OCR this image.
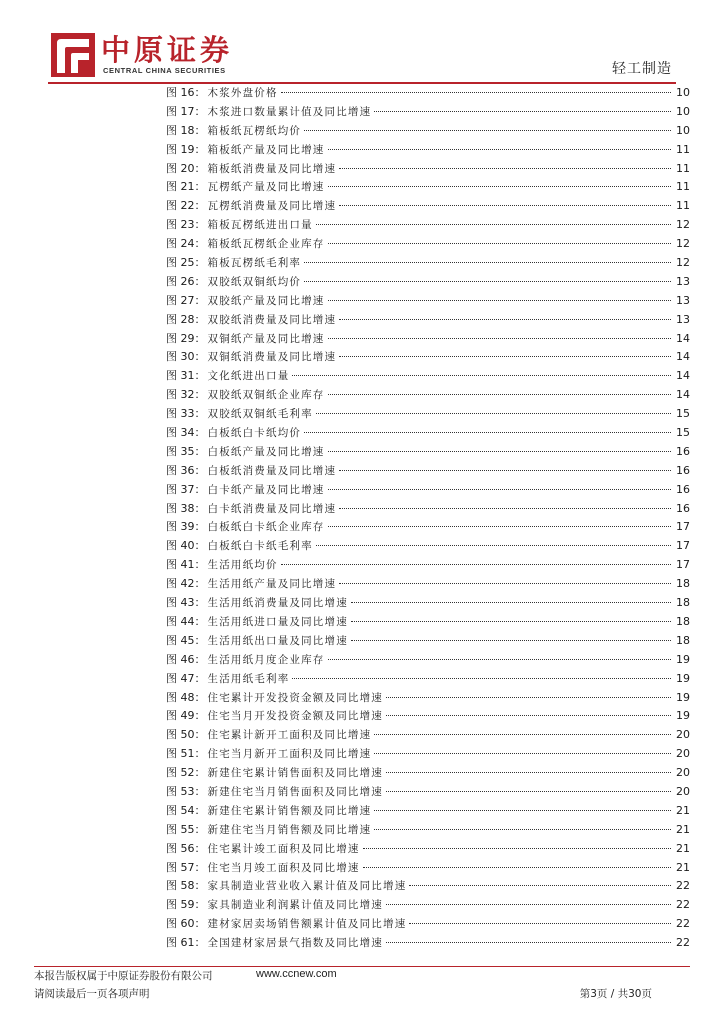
中原证券
CENTRAL CHINA SECURITIES	轻工制造
图 16： 木浆外盘价格	10
图 17： 木浆进口数量累计值及同比增速	10
图 18： 箱板纸瓦楞纸均价	10
图 19： 箱板纸产量及同比增速	11
图 20： 箱板纸消费量及同比增速	11
图 21： 瓦楞纸产量及同比增速	11
图 22： 瓦楞纸消费量及同比增速	11
图 23： 箱板瓦楞纸进出口量	12
图 24： 箱板纸瓦楞纸企业库存	12
图 25： 箱板瓦楞纸毛利率	12
图 26： 双胶纸双铜纸均价	13
图 27： 双胶纸产量及同比增速	13
图 28： 双胶纸消费量及同比增速	13
图 29： 双铜纸产量及同比增速	14
图 30： 双铜纸消费量及同比增速	14
图 31： 文化纸进出口量	14
图 32： 双胶纸双铜纸企业库存	14
图 33： 双胶纸双铜纸毛利率	15
图 34： 白板纸白卡纸均价	15
图 35： 白板纸产量及同比增速	16
图 36： 白板纸消费量及同比增速	16
图 37： 白卡纸产量及同比增速	16
图 38： 白卡纸消费量及同比增速	16
图 39： 白板纸白卡纸企业库存	17
图 40： 白板纸白卡纸毛利率	17
图 41： 生活用纸均价	17
图 42： 生活用纸产量及同比增速	18
图 43： 生活用纸消费量及同比增速	18
图 44： 生活用纸进口量及同比增速	18
图 45： 生活用纸出口量及同比增速	18
图 46： 生活用纸月度企业库存	19
图 47： 生活用纸毛利率	19
图 48： 住宅累计开发投资金额及同比增速	19
图 49： 住宅当月开发投资金额及同比增速	19
图 50： 住宅累计新开工面积及同比增速	20
图 51： 住宅当月新开工面积及同比增速	20
图 52： 新建住宅累计销售面积及同比增速	20
图 53： 新建住宅当月销售面积及同比增速	20
图 54： 新建住宅累计销售额及同比增速	21
图 55： 新建住宅当月销售额及同比增速	21
图 56： 住宅累计竣工面积及同比增速	21
图 57： 住宅当月竣工面积及同比增速	21
图 58： 家具制造业营业收入累计值及同比增速	22
图 59： 家具制造业利润累计值及同比增速	22
图 60： 建材家居卖场销售额累计值及同比增速	22
图 61： 全国建材家居景气指数及同比增速	22
本报告版权属于中原证券股份有限公司	www.ccnew.com
请阅读最后一页各项声明	第3页 / 共30页
